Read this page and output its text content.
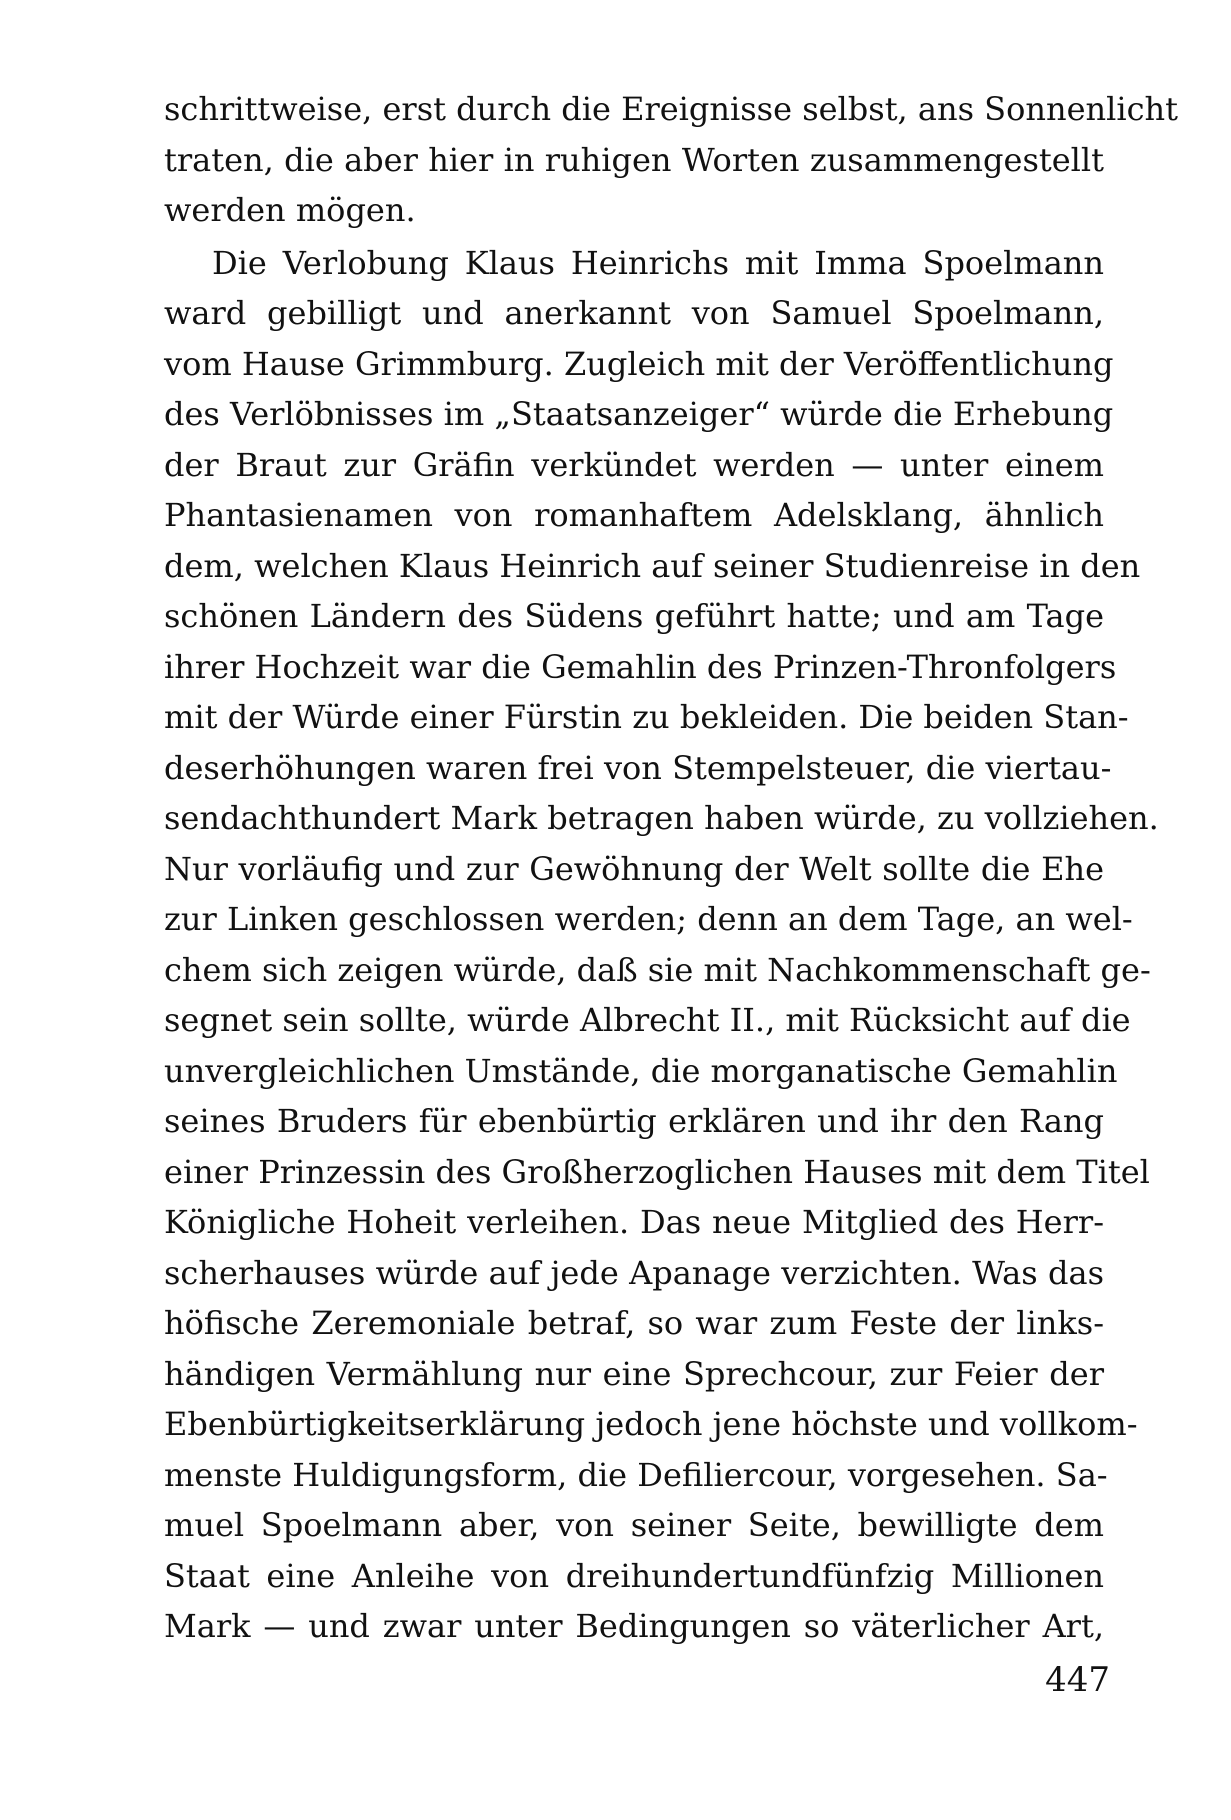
schrittweise, erst durch die Ereignisse selbst, ans Sonnenlicht
traten, die aber hier in ruhigen Worten zusammengestellt
werden mögen.
Die Verlobung Klaus Heinrichs mit Imma Spoelmann
ward gebilligt und anerkannt von Samuel Spoelmann,
vom Hause Grimmburg. Zugleich mit der Veröffentlichung
des Verlöbnisses im „Staatsanzeiger“ würde die Erhebung
der Braut zur Gräfin verkündet werden — unter einem
Phantasienamen von romanhaftem Adelsklang, ähnlich
dem, welchen Klaus Heinrich auf seiner Studienreise in den
schönen Ländern des Südens geführt hatte; und am Tage
ihrer Hochzeit war die Gemahlin des Prinzen-Thronfolgers
mit der Würde einer Fürstin zu bekleiden. Die beiden Stan-
deserhöhungen waren frei von Stempelsteuer, die viertau-
sendachthundert Mark betragen haben würde, zu vollziehen.
Nur vorläufig und zur Gewöhnung der Welt sollte die Ehe
zur Linken geschlossen werden; denn an dem Tage, an wel-
chem sich zeigen würde, daß sie mit Nachkommenschaft ge-
segnet sein sollte, würde Albrecht II., mit Rücksicht auf die
unvergleichlichen Umstände, die morganatische Gemahlin
seines Bruders für ebenbürtig erklären und ihr den Rang
einer Prinzessin des Großherzoglichen Hauses mit dem Titel
Königliche Hoheit verleihen. Das neue Mitglied des Herr-
scherhauses würde auf jede Apanage verzichten. Was das
höfische Zeremoniale betraf, so war zum Feste der links-
händigen Vermählung nur eine Sprechcour, zur Feier der
Ebenbürtigkeitserklärung jedoch jene höchste und vollkom-
menste Huldigungsform, die Defiliercour, vorgesehen. Sa-
muel Spoelmann aber, von seiner Seite, bewilligte dem
Staat eine Anleihe von dreihundertundfünfzig Millionen
Mark — und zwar unter Bedingungen so väterlicher Art,
447
